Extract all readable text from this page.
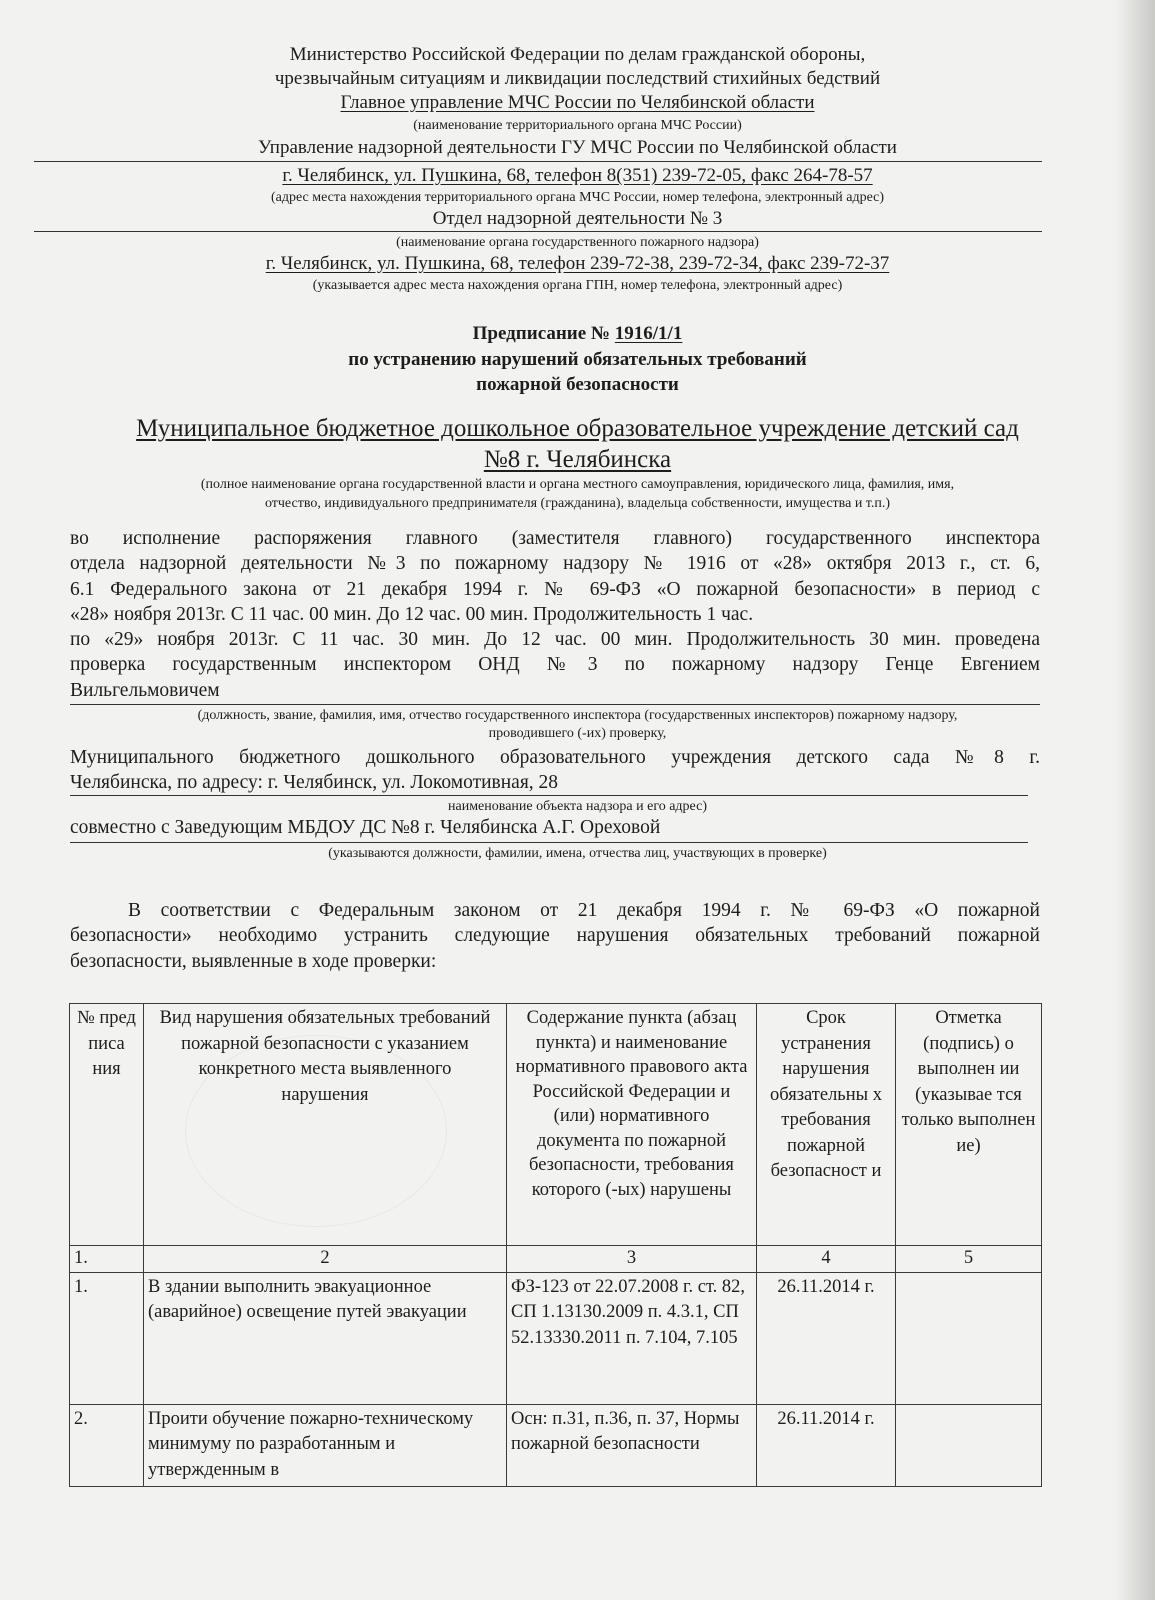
Министерство Российской Федерации по делам гражданской обороны,
чрезвычайным ситуациям и ликвидации последствий стихийных бедствий
Главное управление МЧС России по Челябинской области
(наименование территориального органа МЧС России)
Управление надзорной деятельности ГУ МЧС России по Челябинской области
г. Челябинск, ул. Пушкина, 68, телефон 8(351) 239-72-05, факс 264-78-57
(адрес места нахождения территориального органа МЧС России, номер телефона, электронный адрес)
Отдел надзорной деятельности № 3
(наименование органа государственного пожарного надзора)
г. Челябинск, ул. Пушкина, 68, телефон 239-72-38, 239-72-34, факс 239-72-37
(указывается адрес места нахождения органа ГПН, номер телефона, электронный адрес)
Предписание № 1916/1/1
по устранению нарушений обязательных требований
пожарной безопасности
Муниципальное бюджетное дошкольное образовательное учреждение детский сад
№8 г. Челябинска
(полное наименование органа государственной власти и органа местного самоуправления, юридического лица, фамилия, имя,
отчество, индивидуального предпринимателя (гражданина), владельца собственности, имущества и т.п.)
во исполнение распоряжения главного (заместителя главного) государственного инспектора
отдела надзорной деятельности №3 по пожарному надзору № 1916 от «28» октября 2013 г., ст. 6,
6.1 Федерального закона от 21 декабря 1994 г. № 69-ФЗ «О пожарной безопасности» в период с
«28» ноября 2013г. С 11 час. 00 мин. До 12 час. 00 мин. Продолжительность 1 час.
по «29» ноября 2013г. С 11 час. 30 мин. До 12 час. 00 мин. Продолжительность 30 мин. проведена
проверка государственным инспектором ОНД №3 по пожарному надзору Генце Евгением
Вильгельмовичем
(должность, звание, фамилия, имя, отчество государственного инспектора (государственных инспекторов) пожарному надзору,
проводившего (-их) проверку,
Муниципального бюджетного дошкольного образовательного учреждения детского сада №8 г.
Челябинска, по адресу: г. Челябинск, ул. Локомотивная, 28
наименование объекта надзора и его адрес)
совместно с Заведующим МБДОУ ДС №8 г. Челябинска А.Г. Ореховой
(указываются должности, фамилии, имена, отчества лиц, участвующих в проверке)
В соответствии с Федеральным законом от 21 декабря 1994 г. № 69-ФЗ «О пожарной
безопасности» необходимо устранить следующие нарушения обязательных требований пожарной
безопасности, выявленные в ходе проверки:
№ пред писа ния	Вид нарушения обязательных требований пожарной безопасности с указанием конкретного места выявленного нарушения	Содержание пункта (абзац пункта) и наименование нормативного правового акта Российской Федерации и (или) нормативного документа по пожарной безопасности, требования которого (-ых) нарушены	Срок устранения нарушения обязательны х требования пожарной безопасност и	Отметка (подпись) о выполнен ии (указывае тся только выполнен ие)
1.	2	3	4	5
1.	В здании выполнить эвакуационное (аварийное) освещение путей эвакуации	ФЗ-123 от 22.07.2008 г. ст. 82, СП 1.13130.2009 п. 4.3.1, СП 52.13330.2011 п. 7.104, 7.105	26.11.2014 г.	
2.	Проити обучение пожарно-техническому минимуму по разработанным и утвержденным в	Осн: п.31, п.36, п. 37, Нормы пожарной безопасности	26.11.2014 г.	
